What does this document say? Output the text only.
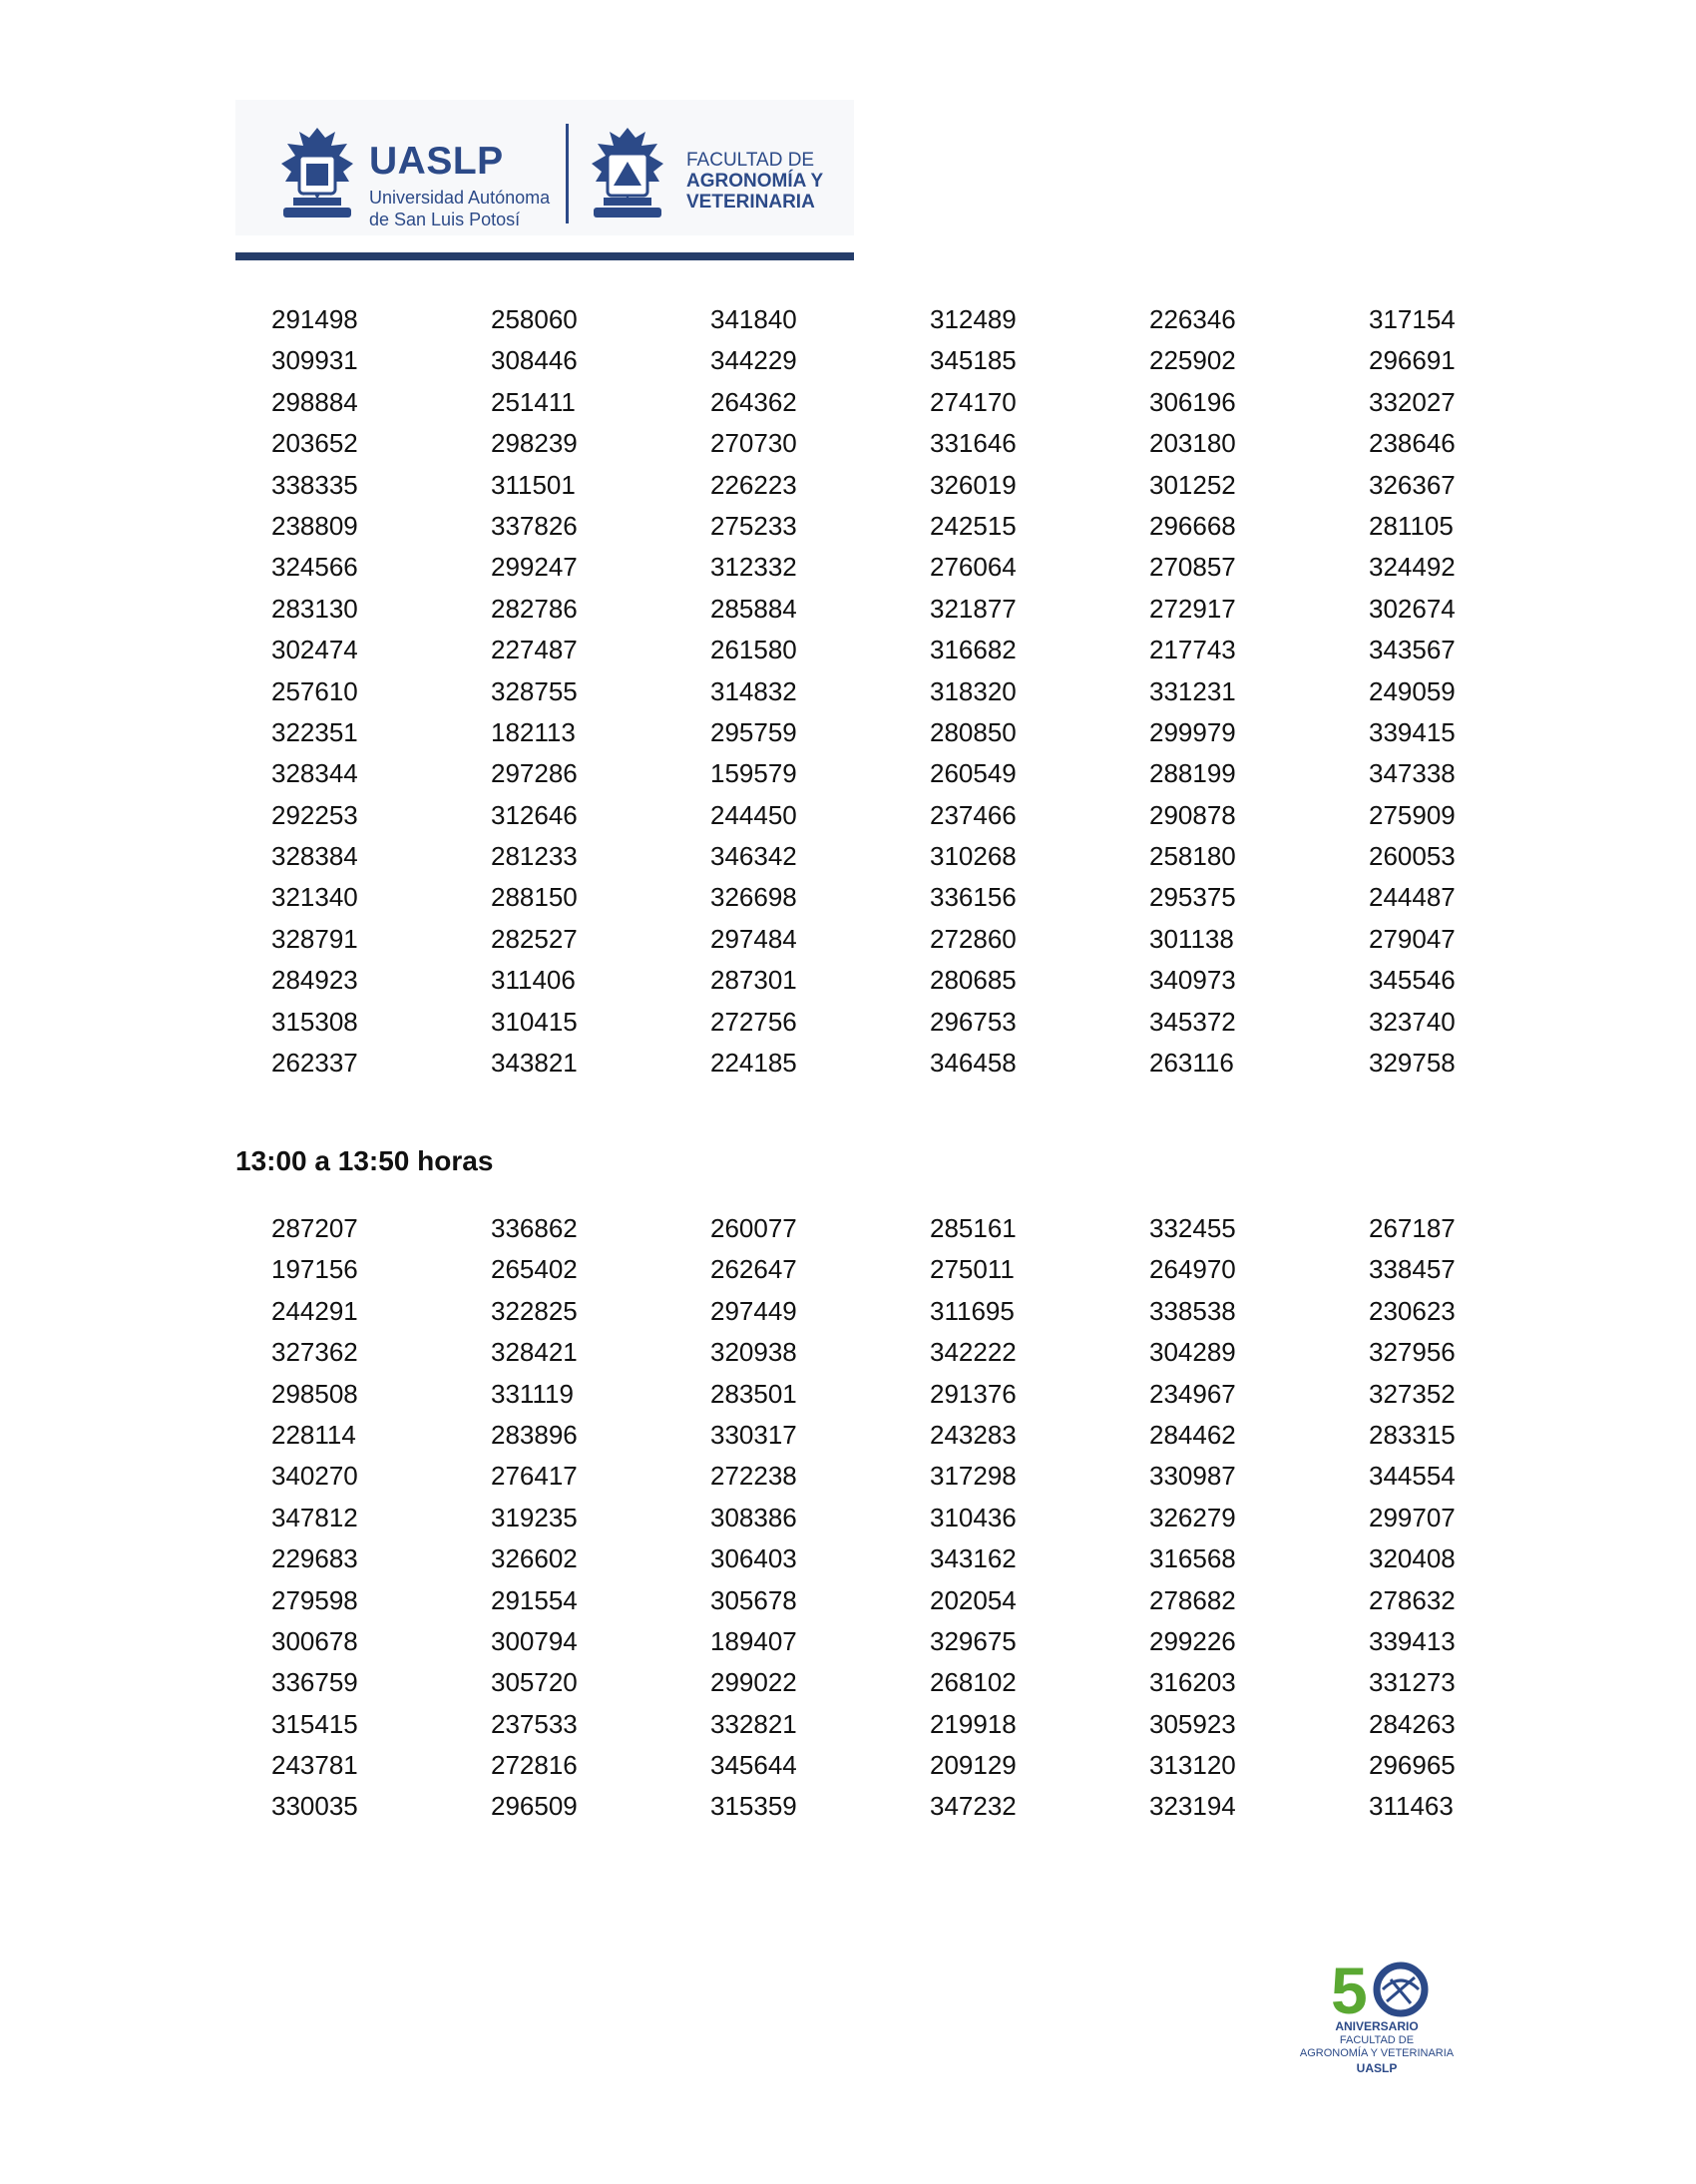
UASLP
Universidad Autónoma
de San Luis Potosí
FACULTAD DE
AGRONOMÍA Y
VETERINARIA
291498	258060	341840	312489	226346	317154
309931	308446	344229	345185	225902	296691
298884	251411	264362	274170	306196	332027
203652	298239	270730	331646	203180	238646
338335	311501	226223	326019	301252	326367
238809	337826	275233	242515	296668	281105
324566	299247	312332	276064	270857	324492
283130	282786	285884	321877	272917	302674
302474	227487	261580	316682	217743	343567
257610	328755	314832	318320	331231	249059
322351	182113	295759	280850	299979	339415
328344	297286	159579	260549	288199	347338
292253	312646	244450	237466	290878	275909
328384	281233	346342	310268	258180	260053
321340	288150	326698	336156	295375	244487
328791	282527	297484	272860	301138	279047
284923	311406	287301	280685	340973	345546
315308	310415	272756	296753	345372	323740
262337	343821	224185	346458	263116	329758
13:00 a 13:50 horas
287207	336862	260077	285161	332455	267187
197156	265402	262647	275011	264970	338457
244291	322825	297449	311695	338538	230623
327362	328421	320938	342222	304289	327956
298508	331119	283501	291376	234967	327352
228114	283896	330317	243283	284462	283315
340270	276417	272238	317298	330987	344554
347812	319235	308386	310436	326279	299707
229683	326602	306403	343162	316568	320408
279598	291554	305678	202054	278682	278632
300678	300794	189407	329675	299226	339413
336759	305720	299022	268102	316203	331273
315415	237533	332821	219918	305923	284263
243781	272816	345644	209129	313120	296965
330035	296509	315359	347232	323194	311463
5
ANIVERSARIO
FACULTAD DE
AGRONOMÍA Y VETERINARIA
UASLP
